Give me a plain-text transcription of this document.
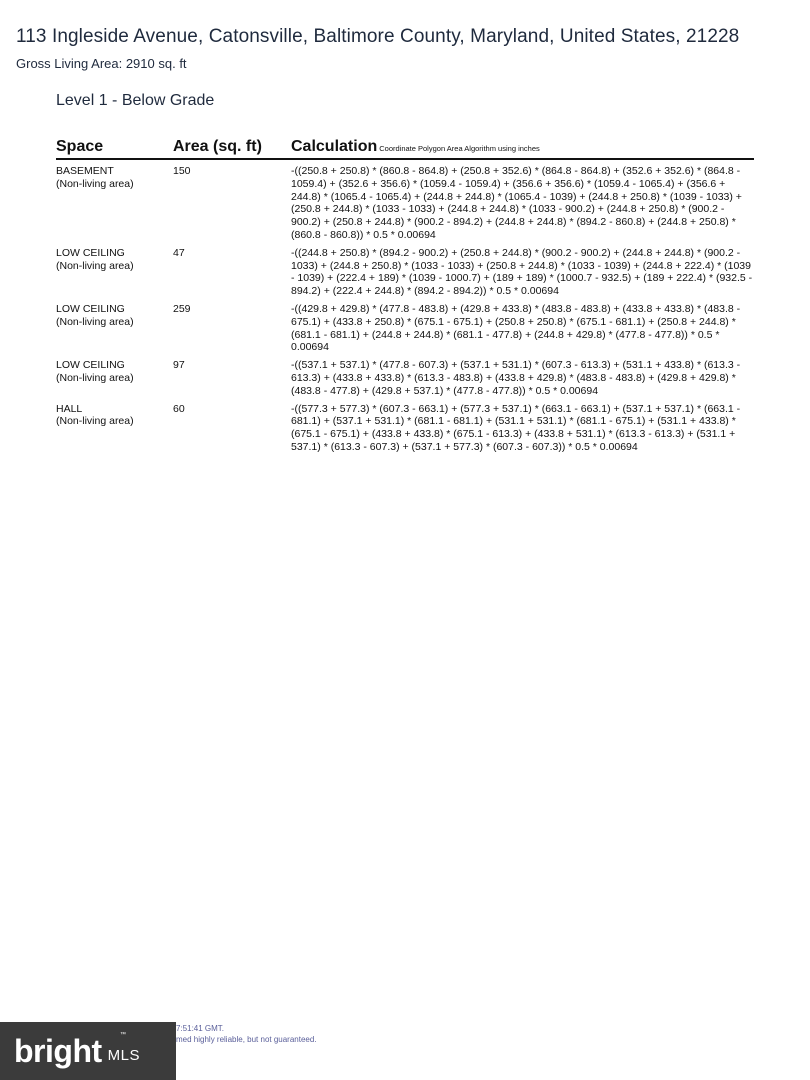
113 Ingleside Avenue, Catonsville, Baltimore County, Maryland, United States, 21228
Gross Living Area: 2910 sq. ft
Level 1 - Below Grade
Space	Area (sq. ft)	Calculation Coordinate Polygon Area Algorithm using inches
BASEMENT
(Non-living area)
150	-((250.8 + 250.8) * (860.8 - 864.8) + (250.8 + 352.6) * (864.8 - 864.8) + (352.6 + 352.6) * (864.8 - 1059.4) + (352.6 + 356.6) * (1059.4 - 1059.4) + (356.6 + 356.6) * (1059.4 - 1065.4) + (356.6 + 244.8) * (1065.4 - 1065.4) + (244.8 + 244.8) * (1065.4 - 1039) + (244.8 + 250.8) * (1039 - 1033) + (250.8 + 244.8) * (1033 - 1033) + (244.8 + 244.8) * (1033 - 900.2) + (244.8 + 250.8) * (900.2 - 900.2) + (250.8 + 244.8) * (900.2 - 894.2) + (244.8 + 244.8) * (894.2 - 860.8) + (244.8 + 250.8) * (860.8 - 860.8)) * 0.5 * 0.00694
LOW CEILING
(Non-living area)
47	-((244.8 + 250.8) * (894.2 - 900.2) + (250.8 + 244.8) * (900.2 - 900.2) + (244.8 + 244.8) * (900.2 - 1033) + (244.8 + 250.8) * (1033 - 1033) + (250.8 + 244.8) * (1033 - 1039) + (244.8 + 222.4) * (1039 - 1039) + (222.4 + 189) * (1039 - 1000.7) + (189 + 189) * (1000.7 - 932.5) + (189 + 222.4) * (932.5 - 894.2) + (222.4 + 244.8) * (894.2 - 894.2)) * 0.5 * 0.00694
LOW CEILING
(Non-living area)
259	-((429.8 + 429.8) * (477.8 - 483.8) + (429.8 + 433.8) * (483.8 - 483.8) + (433.8 + 433.8) * (483.8 - 675.1) + (433.8 + 250.8) * (675.1 - 675.1) + (250.8 + 250.8) * (675.1 - 681.1) + (250.8 + 244.8) * (681.1 - 681.1) + (244.8 + 244.8) * (681.1 - 477.8) + (244.8 + 429.8) * (477.8 - 477.8)) * 0.5 * 0.00694
LOW CEILING
(Non-living area)
97	-((537.1 + 537.1) * (477.8 - 607.3) + (537.1 + 531.1) * (607.3 - 613.3) + (531.1 + 433.8) * (613.3 - 613.3) + (433.8 + 433.8) * (613.3 - 483.8) + (433.8 + 429.8) * (483.8 - 483.8) + (429.8 + 429.8) * (483.8 - 477.8) + (429.8 + 537.1) * (477.8 - 477.8)) * 0.5 * 0.00694
HALL
(Non-living area)
60	-((577.3 + 577.3) * (607.3 - 663.1) + (577.3 + 537.1) * (663.1 - 663.1) + (537.1 + 537.1) * (663.1 - 681.1) + (537.1 + 531.1) * (681.1 - 681.1) + (531.1 + 531.1) * (681.1 - 675.1) + (531.1 + 433.8) * (675.1 - 675.1) + (433.8 + 433.8) * (675.1 - 613.3) + (433.8 + 531.1) * (613.3 - 613.3) + (531.1 + 537.1) * (613.3 - 607.3) + (537.1 + 577.3) * (607.3 - 607.3)) * 0.5 * 0.00694
bright MLS
™
7:51:41 GMT.
med highly reliable, but not guaranteed.
